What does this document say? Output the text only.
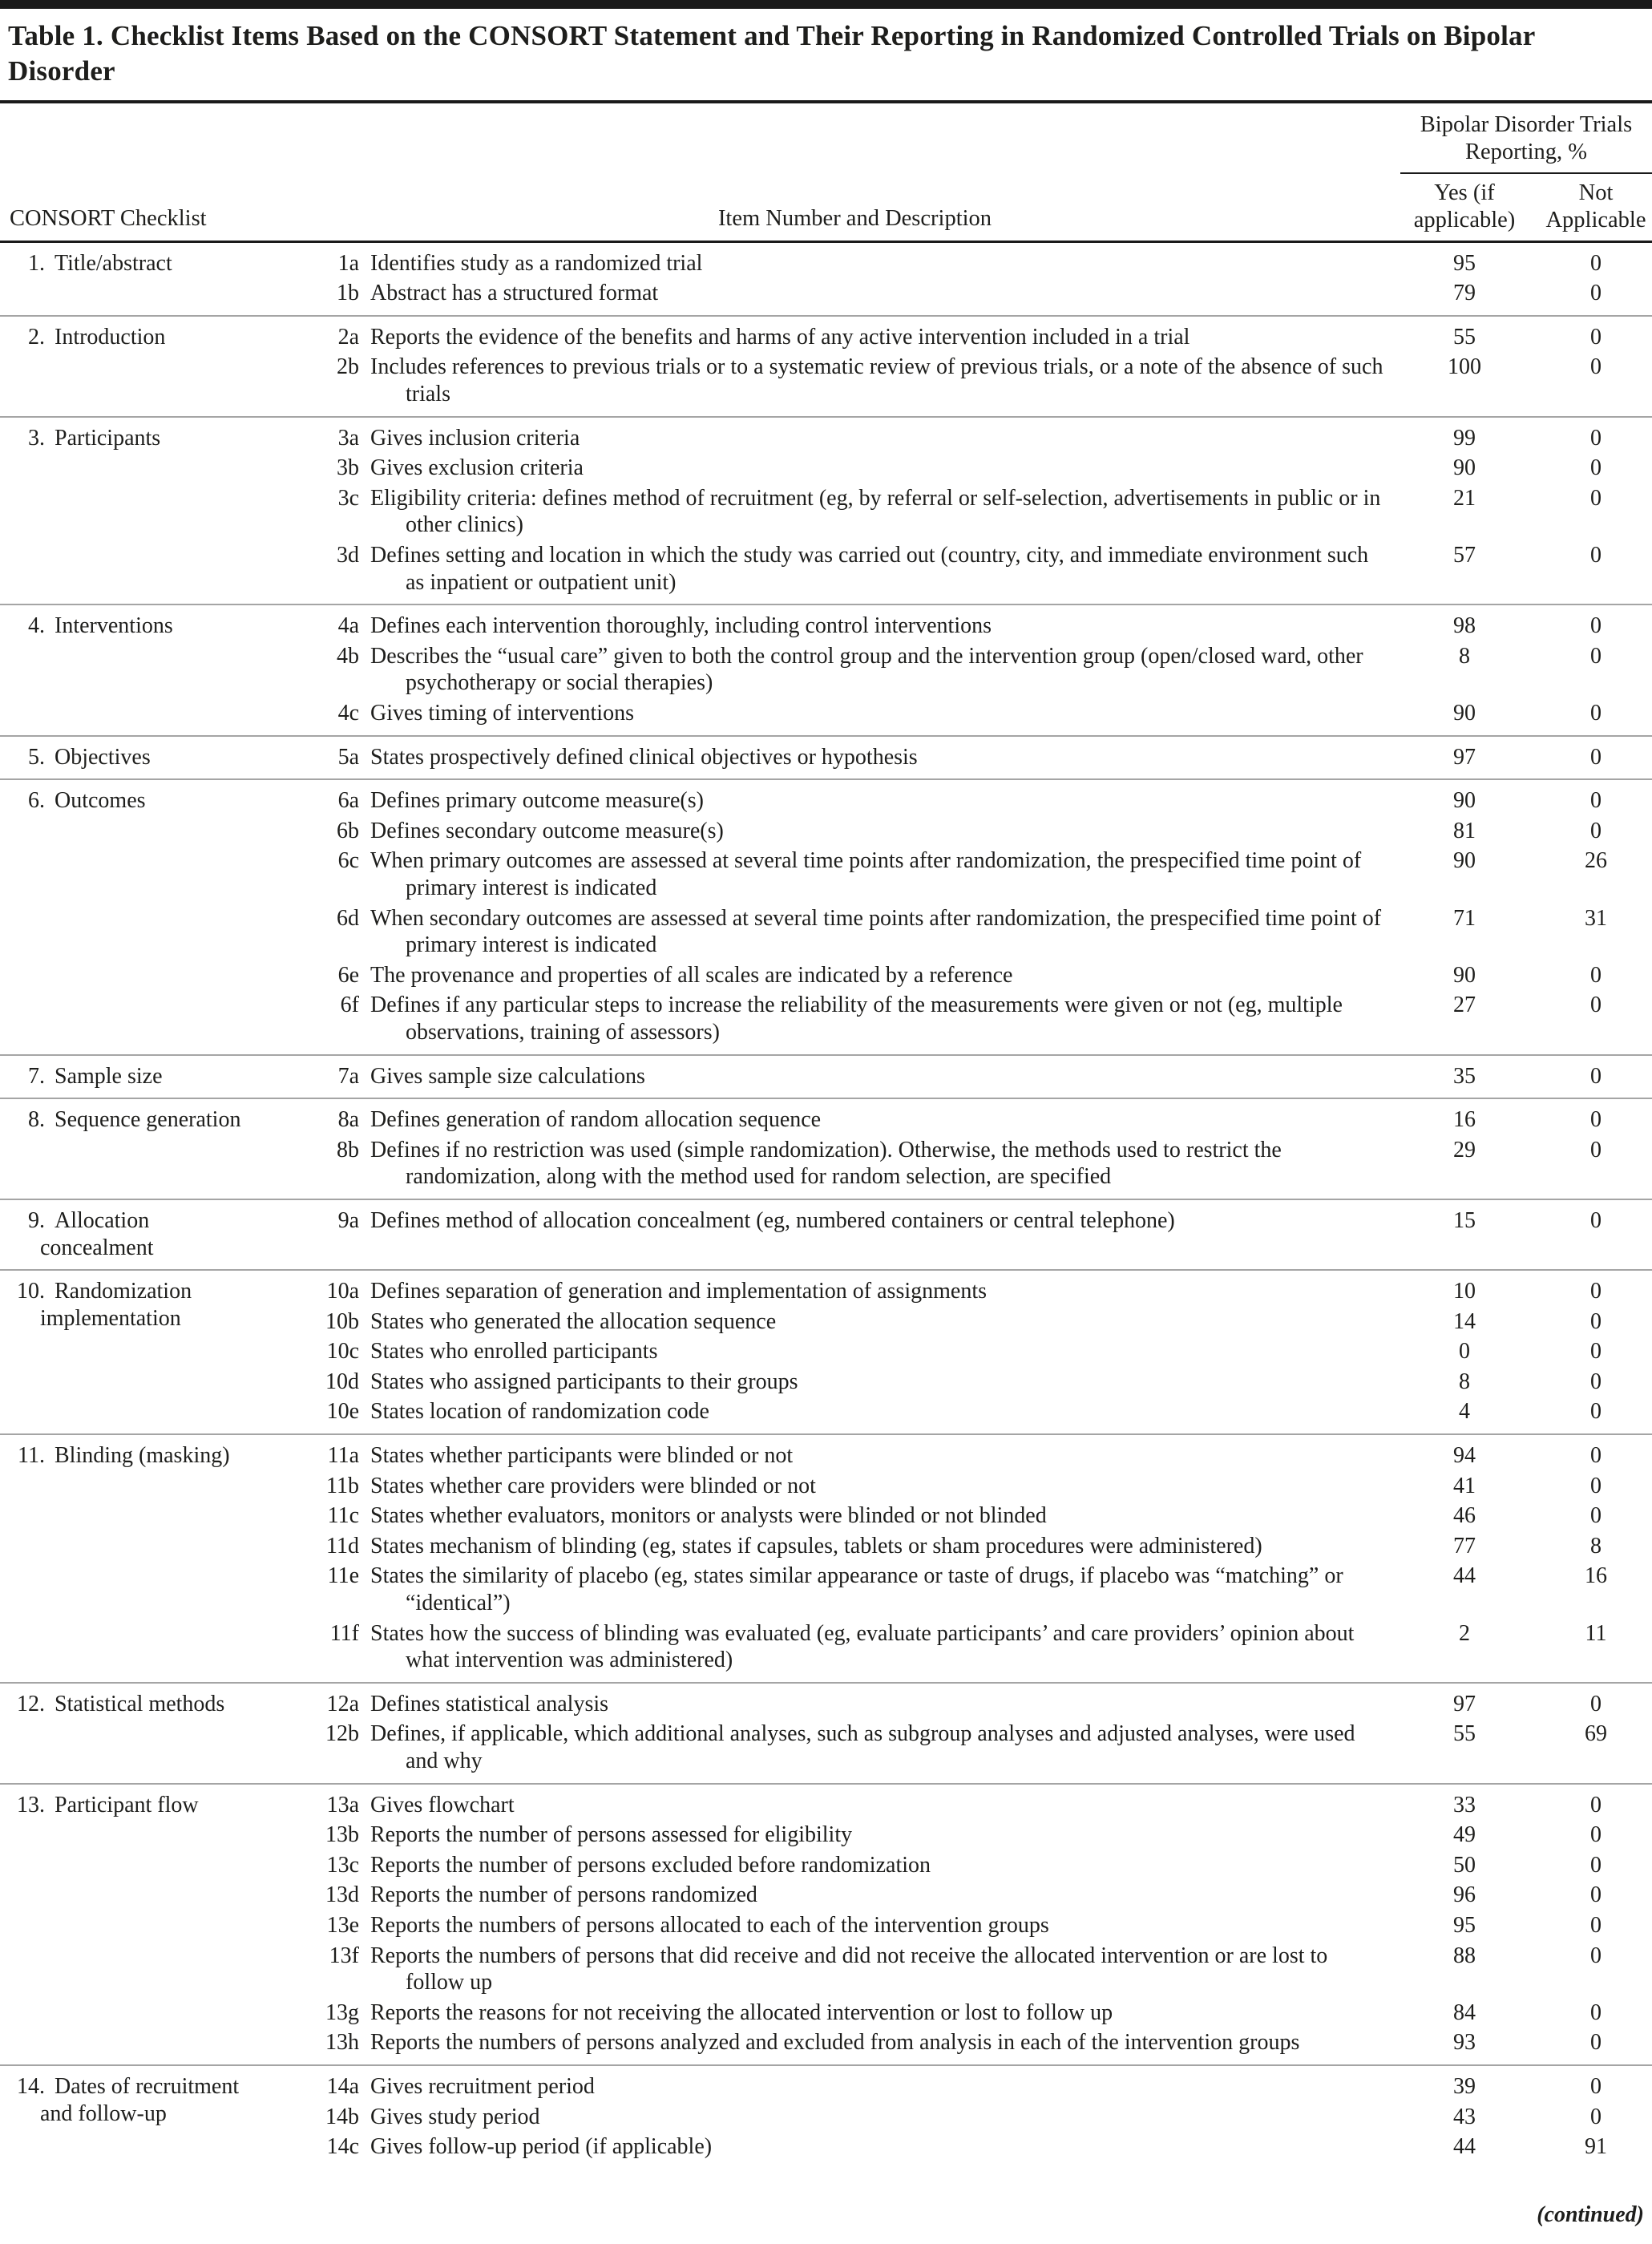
Table 1. Checklist Items Based on the CONSORT Statement and Their Reporting in Randomized Controlled Trials on Bipolar Disorder
CONSORT Checklist	Item Number and Description
Bipolar Disorder Trials Reporting, %
Yes (if applicable)
Not Applicable
1. Title/abstract	1a Identifies study as a randomized trial	95	0
1b Abstract has a structured format	79	0
2. Introduction	2a Reports the evidence of the benefits and harms of any active intervention included in a trial	55	0
2b Includes references to previous trials or to a systematic review of previous trials, or a note of the absence of such trials
100	0
3. Participants	3a Gives inclusion criteria	99	0
3b Gives exclusion criteria	90	0
3c Eligibility criteria: defines method of recruitment (eg, by referral or self-selection, advertisements in public or in other clinics)
21	0
3d Defines setting and location in which the study was carried out (country, city, and immediate environment such as inpatient or outpatient unit)
57	0
4. Interventions	4a Defines each intervention thoroughly, including control interventions	98	0
4b Describes the “usual care” given to both the control group and the intervention group (open/closed ward, other psychotherapy or social therapies)
8	0
4c Gives timing of interventions	90	0
5. Objectives	5a States prospectively defined clinical objectives or hypothesis	97	0
6. Outcomes	6a Defines primary outcome measure(s)	90	0
6b Defines secondary outcome measure(s)	81	0
6c When primary outcomes are assessed at several time points after randomization, the prespecified time point of primary interest is indicated
90	26
6d When secondary outcomes are assessed at several time points after randomization, the prespecified time point of primary interest is indicated
71	31
6e The provenance and properties of all scales are indicated by a reference	90	0
6f Defines if any particular steps to increase the reliability of the measurements were given or not (eg, multiple observations, training of assessors)
27	0
7. Sample size	7a Gives sample size calculations	35	0
8. Sequence generation	8a Defines generation of random allocation sequence	16	0
8b Defines if no restriction was used (simple randomization). Otherwise, the methods used to restrict the randomization, along with the method used for random selection, are specified
29	0
9. Allocation
concealment
9a Defines method of allocation concealment (eg, numbered containers or central telephone)	15	0
10. Randomization
implementation
10a Defines separation of generation and implementation of assignments	10	0
10b States who generated the allocation sequence	14	0
10c States who enrolled participants	0	0
10d States who assigned participants to their groups	8	0
10e States location of randomization code	4	0
11. Blinding (masking)	11a States whether participants were blinded or not	94	0
11b States whether care providers were blinded or not	41	0
11c States whether evaluators, monitors or analysts were blinded or not blinded	46	0
11d States mechanism of blinding (eg, states if capsules, tablets or sham procedures were administered)	77	8
11e States the similarity of placebo (eg, states similar appearance or taste of drugs, if placebo was “matching” or “identical”)
44	16
11f States how the success of blinding was evaluated (eg, evaluate participants’ and care providers’ opinion about what intervention was administered)
2	11
12. Statistical methods	12a Defines statistical analysis	97	0
12b Defines, if applicable, which additional analyses, such as subgroup analyses and adjusted analyses, were used and why
55	69
13. Participant flow	13a Gives flowchart	33	0
13b Reports the number of persons assessed for eligibility	49	0
13c Reports the number of persons excluded before randomization	50	0
13d Reports the number of persons randomized	96	0
13e Reports the numbers of persons allocated to each of the intervention groups	95	0
13f Reports the numbers of persons that did receive and did not receive the allocated intervention or are lost to follow up
88	0
13g Reports the reasons for not receiving the allocated intervention or lost to follow up	84	0
13h Reports the numbers of persons analyzed and excluded from analysis in each of the intervention groups	93	0
14. Dates of recruitment
and follow-up
14a Gives recruitment period	39	0
14b Gives study period	43	0
14c Gives follow-up period (if applicable)	44	91
(continued)
